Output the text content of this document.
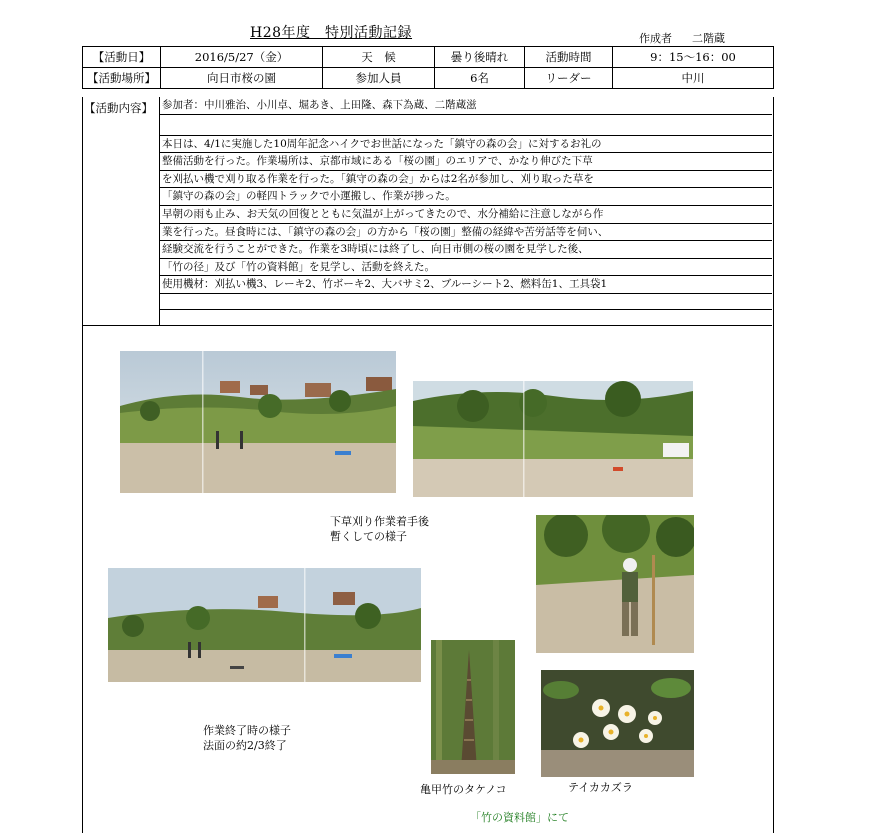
H28年度　特別活動記録	作成者 二階蔵
【活動日】	2016/5/27（金）	天　候	曇り後晴れ	活動時間	9：15～16：00
【活動場所】	向日市桜の園	参加人員	6名	リーダー	中川
【活動内容】 参加者：中川雅治、小川卓、堀あき、上田隆、森下為蔵、二階蔵滋
本日は、4/1に実施した10周年記念ハイクでお世話になった「鎮守の森の会」に対するお礼の
整備活動を行った。作業場所は、京都市域にある「桜の園」のエリアで、かなり伸びた下草
を刈払い機で刈り取る作業を行った。「鎮守の森の会」からは2名が参加し、刈り取った草を
「鎮守の森の会」の軽四トラックで小運搬し、作業が捗った。
早朝の雨も止み、お天気の回復とともに気温が上がってきたので、水分補給に注意しながら作
業を行った。昼食時には、「鎮守の森の会」の方から「桜の園」整備の経緯や苦労話等を伺い、
経験交流を行うことができた。作業を3時頃には終了し、向日市側の桜の園を見学した後、
「竹の径」及び「竹の資料館」を見学し、活動を終えた。
使用機材：刈払い機3、レーキ2、竹ボーキ2、大バサミ2、ブルーシート2、燃料缶1、工具袋1
下草刈り作業着手後
暫くしての様子
作業終了時の様子
法面の約2/3終了
亀甲竹のタケノコ	テイカカズラ
「竹の資料館」にて
